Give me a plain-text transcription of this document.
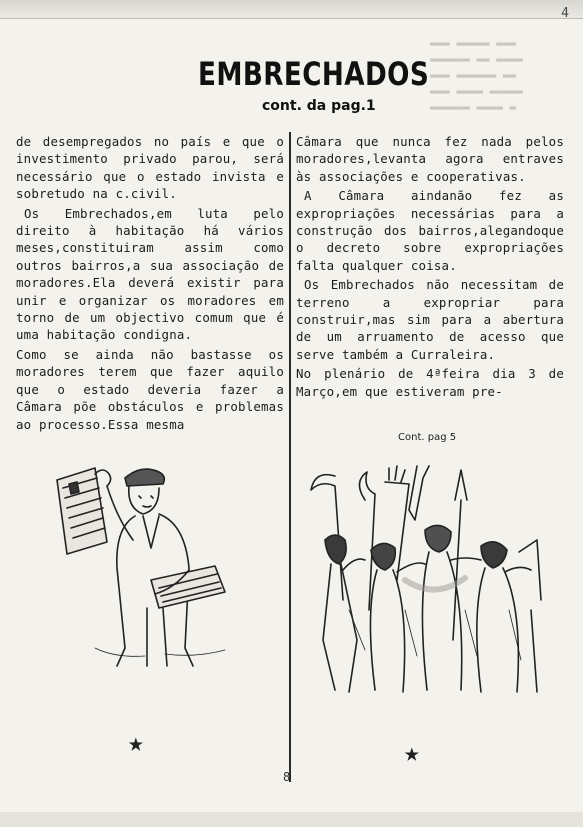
4
▬▬▬ ▬▬▬▬▬ ▬▬▬
▬▬▬▬▬▬ ▬▬ ▬▬▬▬
▬▬▬ ▬▬▬▬▬▬ ▬▬
▬▬▬ ▬▬▬▬ ▬▬▬▬▬
▬▬▬▬▬▬ ▬▬▬▬ ▬
EMBRECHADOS
cont. da pag.1

de desempregados no país e que o investimento privado parou, será necessário que o estado invista e sobretudo na c.civil.

Os Embrechados,em luta pelo direito à habitação há vários meses,constituiram assim como outros bairros,a sua associação de moradores.Ela deverá existir para unir e organizar os moradores em torno de um objectivo comum que é uma habitação condigna.

Como se ainda não bastasse os moradores terem que fazer aquilo que o estado deveria fazer a Câmara põe obstáculos e problemas ao processo.Essa mesma

Câmara que nunca fez nada pelos moradores,levanta agora entraves às associações e cooperativas.

A Câmara aindanão fez as expropriações necessárias para a construção dos bairros,alegandoque o decreto sobre expropriações falta qualquer coisa.

Os Embrechados não necessitam de terreno a expropriar para construir,mas sim para a abertura de um arruamento de acesso que serve também a Curraleira.

No plenário de 4ªfeira dia 3 de Março,em que estiveram pre-

Cont. pag 5
★	★
8
